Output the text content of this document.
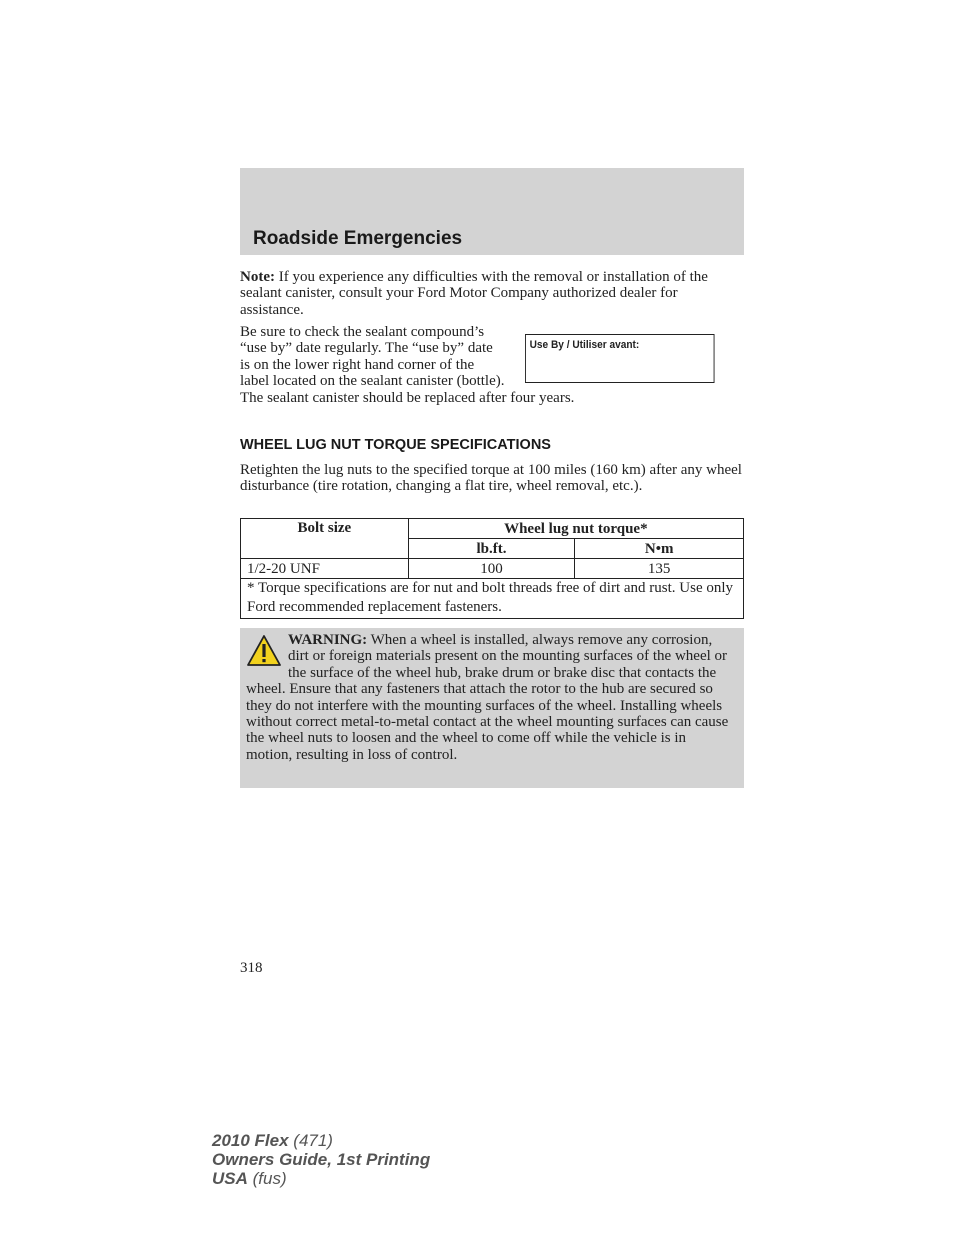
Roadside Emergencies

Note: If you experience any difficulties with the removal or installation of the sealant canister, consult your Ford Motor Company authorized dealer for assistance.

Use By / Utiliser avant:
Be sure to check the sealant compound’s “use by” date regularly. The “use by” date is on the lower right hand corner of the label located on the sealant canister (bottle). The sealant canister should be replaced after four years.

WHEEL LUG NUT TORQUE SPECIFICATIONS

Retighten the lug nuts to the specified torque at 100 miles (160 km) after any wheel disturbance (tire rotation, changing a flat tire, wheel removal, etc.).

Bolt size	Wheel lug nut torque*	
	lb.ft.	N•m
1/2-20 UNF	100	135
* Torque specifications are for nut and bolt threads free of dirt and rust. Use only Ford recommended replacement fasteners.		
WARNING: When a wheel is installed, always remove any corrosion, dirt or foreign materials present on the mounting surfaces of the wheel or the surface of the wheel hub, brake drum or brake disc that contacts the wheel. Ensure that any fasteners that attach the rotor to the hub are secured so they do not interfere with the mounting surfaces of the wheel. Installing wheels without correct metal-to-metal contact at the wheel mounting surfaces can cause the wheel nuts to loosen and the wheel to come off while the vehicle is in motion, resulting in loss of control.
318
2010 Flex (471)
Owners Guide, 1st Printing
USA (fus)
